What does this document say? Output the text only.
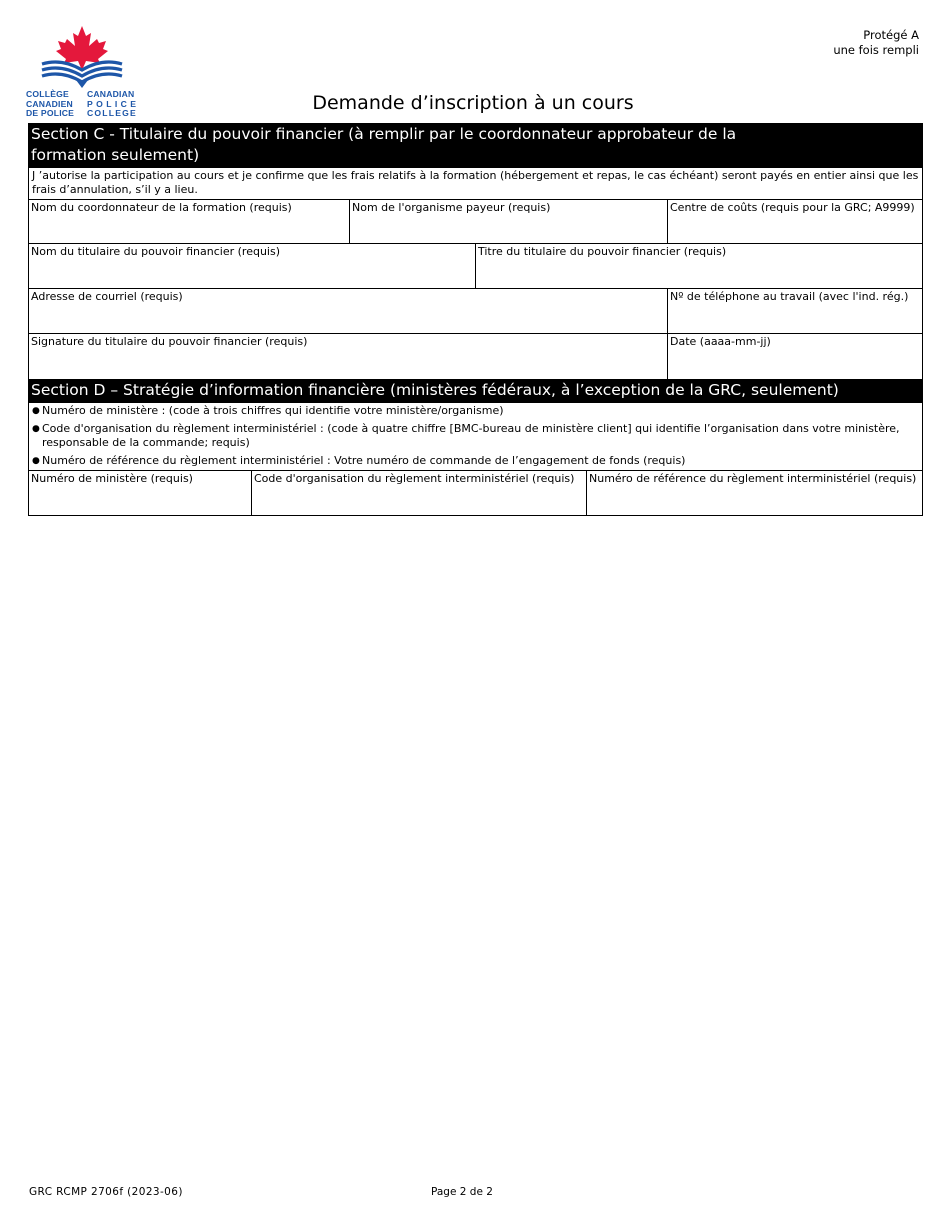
COLLÈGE
CANADIEN
DE POLICE
CANADIAN
POLICE
COLLEGE
Protégé A
une fois rempli
Demande d’inscription à un cours
Section C - Titulaire du pouvoir financier (à remplir par le coordonnateur approbateur de la formation seulement)
J ’autorise la participation au cours et je confirme que les frais relatifs à la formation (hébergement et repas, le cas échéant) seront payés en entier ainsi que les frais d’annulation, s’il y a lieu.
Nom du coordonnateur de la formation (requis)	Nom de l'organisme payeur (requis)	Centre de coûts (requis pour la GRC; A9999)
Nom du titulaire du pouvoir financier (requis)	Titre du titulaire du pouvoir financier (requis)
Adresse de courriel (requis)	Nº de téléphone au travail (avec l'ind. rég.)
Signature du titulaire du pouvoir financier (requis)	Date (aaaa-mm-jj)
Section D – Stratégie d’information financière (ministères fédéraux, à l’exception de la GRC, seulement)
● Numéro de ministère : (code à trois chiffres qui identifie votre ministère/organisme)
● Code d'organisation du règlement interministériel : (code à quatre chiffre [BMC-bureau de ministère client] qui identifie l’organisation dans votre ministère, responsable de la commande; requis)
● Numéro de référence du règlement interministériel : Votre numéro de commande de l’engagement de fonds (requis)
Numéro de ministère (requis)	Code d'organisation du règlement interministériel (requis)	Numéro de référence du règlement interministériel (requis)
GRC RCMP 2706f (2023-06)	Page 2 de 2
